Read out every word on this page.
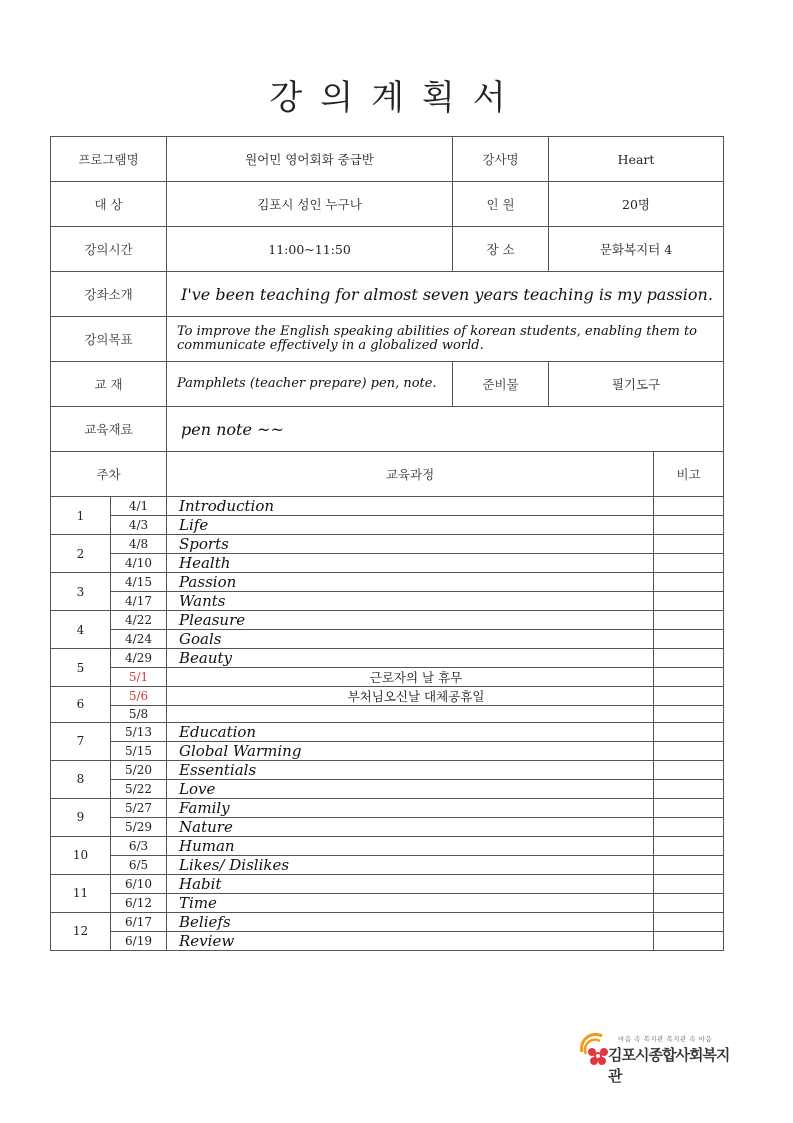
강의계획서
프로그램명		원어민 영어회화 중급반	강사명	Heart	
대 상		김포시 성인 누구나	인 원	20명	
강의시간		11:00~11:50	장 소	문화복지터 4	
강좌소개		I've been teaching for almost seven years teaching is my passion.			
강의목표		To improve the English speaking abilities of korean students, enabling them to communicate effectively in a globalized world.			
교 재		Pamphlets (teacher prepare) pen, note.	준비물	필기도구	
교육재료		pen note ~~			
주차		교육과정			비고
1	4/1	Introduction			
	4/3	Life			
2	4/8	Sports			
	4/10	Health			
3	4/15	Passion			
	4/17	Wants			
4	4/22	Pleasure			
	4/24	Goals			
5	4/29	Beauty			
	5/1	근로자의 날 휴무			
6	5/6	부처님오신날 대체공휴일			
	5/8				
7	5/13	Education			
	5/15	Global Warming			
8	5/20	Essentials			
	5/22	Love			
9	5/27	Family			
	5/29	Nature			
10	6/3	Human			
	6/5	Likes/ Dislikes			
11	6/10	Habit			
	6/12	Time			
12	6/17	Beliefs			
	6/19	Review			
마음 속 복지관 복지관 속 마음
김포시종합사회복지관
